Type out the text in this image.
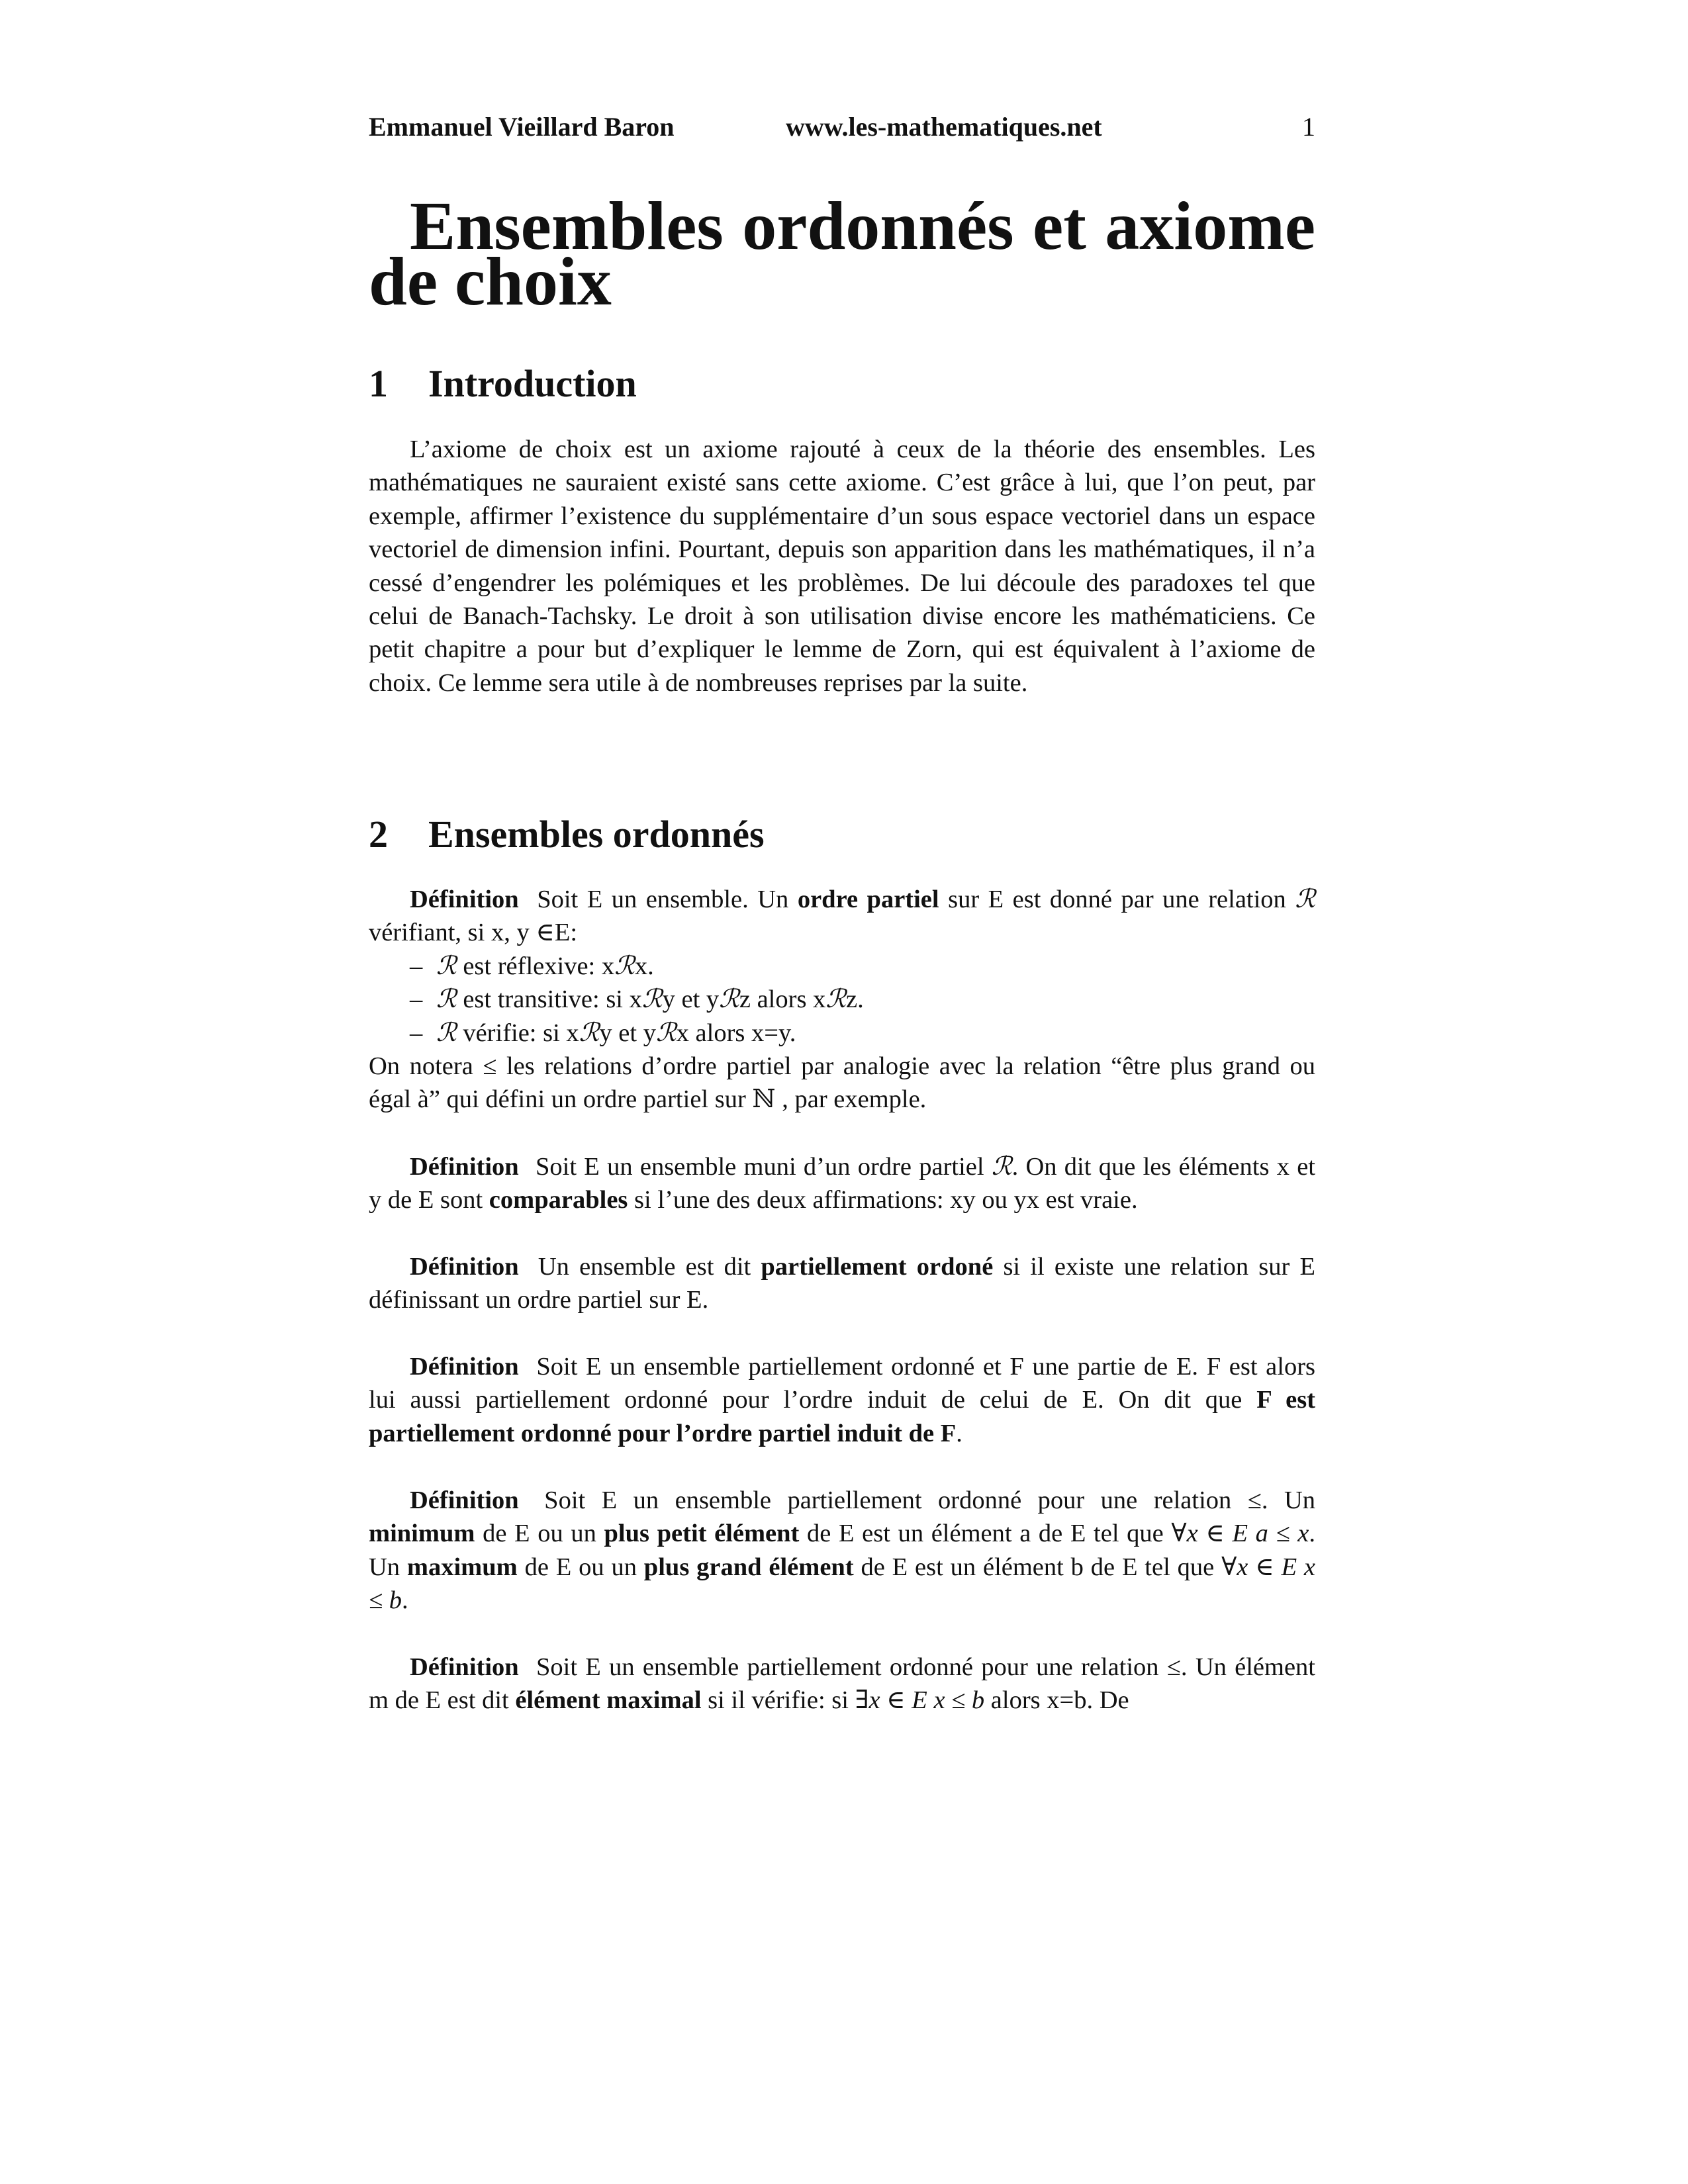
Emmanuel Vieillard Baron	www.les-mathematiques.net	1
Ensembles ordonnés et axiome de choix
1 Introduction

L’axiome de choix est un axiome rajouté à ceux de la théorie des ensembles. Les mathématiques ne sauraient existé sans cette axiome. C’est grâce à lui, que l’on peut, par exemple, affirmer l’existence du supplémentaire d’un sous espace vectoriel dans un espace vectoriel de dimension infini. Pourtant, depuis son apparition dans les mathématiques, il n’a cessé d’engendrer les polémiques et les problèmes. De lui découle des paradoxes tel que celui de Banach-Tachsky. Le droit à son utilisation divise encore les mathématiciens. Ce petit chapitre a pour but d’expliquer le lemme de Zorn, qui est équivalent à l’axiome de choix. Ce lemme sera utile à de nombreuses reprises par la suite.

2 Ensembles ordonnés

Définition Soit E un ensemble. Un ordre partiel sur E est donné par une relation ℛ vérifiant, si x, y ∈E:

– ℛ est réflexive: xℛx.
– ℛ est transitive: si xℛy et yℛz alors xℛz.
– ℛ vérifie: si xℛy et yℛx alors x=y.

On notera ≤ les relations d’ordre partiel par analogie avec la relation “être plus grand ou égal à” qui défini un ordre partiel sur ℕ , par exemple.

Définition Soit E un ensemble muni d’un ordre partiel ℛ. On dit que les éléments x et y de E sont comparables si l’une des deux affirmations: xy ou yx est vraie.

Définition Un ensemble est dit partiellement ordoné si il existe une relation sur E définissant un ordre partiel sur E.

Définition Soit E un ensemble partiellement ordonné et F une partie de E. F est alors lui aussi partiellement ordonné pour l’ordre induit de celui de E. On dit que F est partiellement ordonné pour l’ordre partiel induit de F.

Définition Soit E un ensemble partiellement ordonné pour une relation ≤. Un minimum de E ou un plus petit élément de E est un élément a de E tel que ∀x ∈ E a ≤ x. Un maximum de E ou un plus grand élément de E est un élément b de E tel que ∀x ∈ E x ≤ b.

Définition Soit E un ensemble partiellement ordonné pour une relation ≤. Un élément m de E est dit élément maximal si il vérifie: si ∃x ∈ E x ≤ b alors x=b. De
